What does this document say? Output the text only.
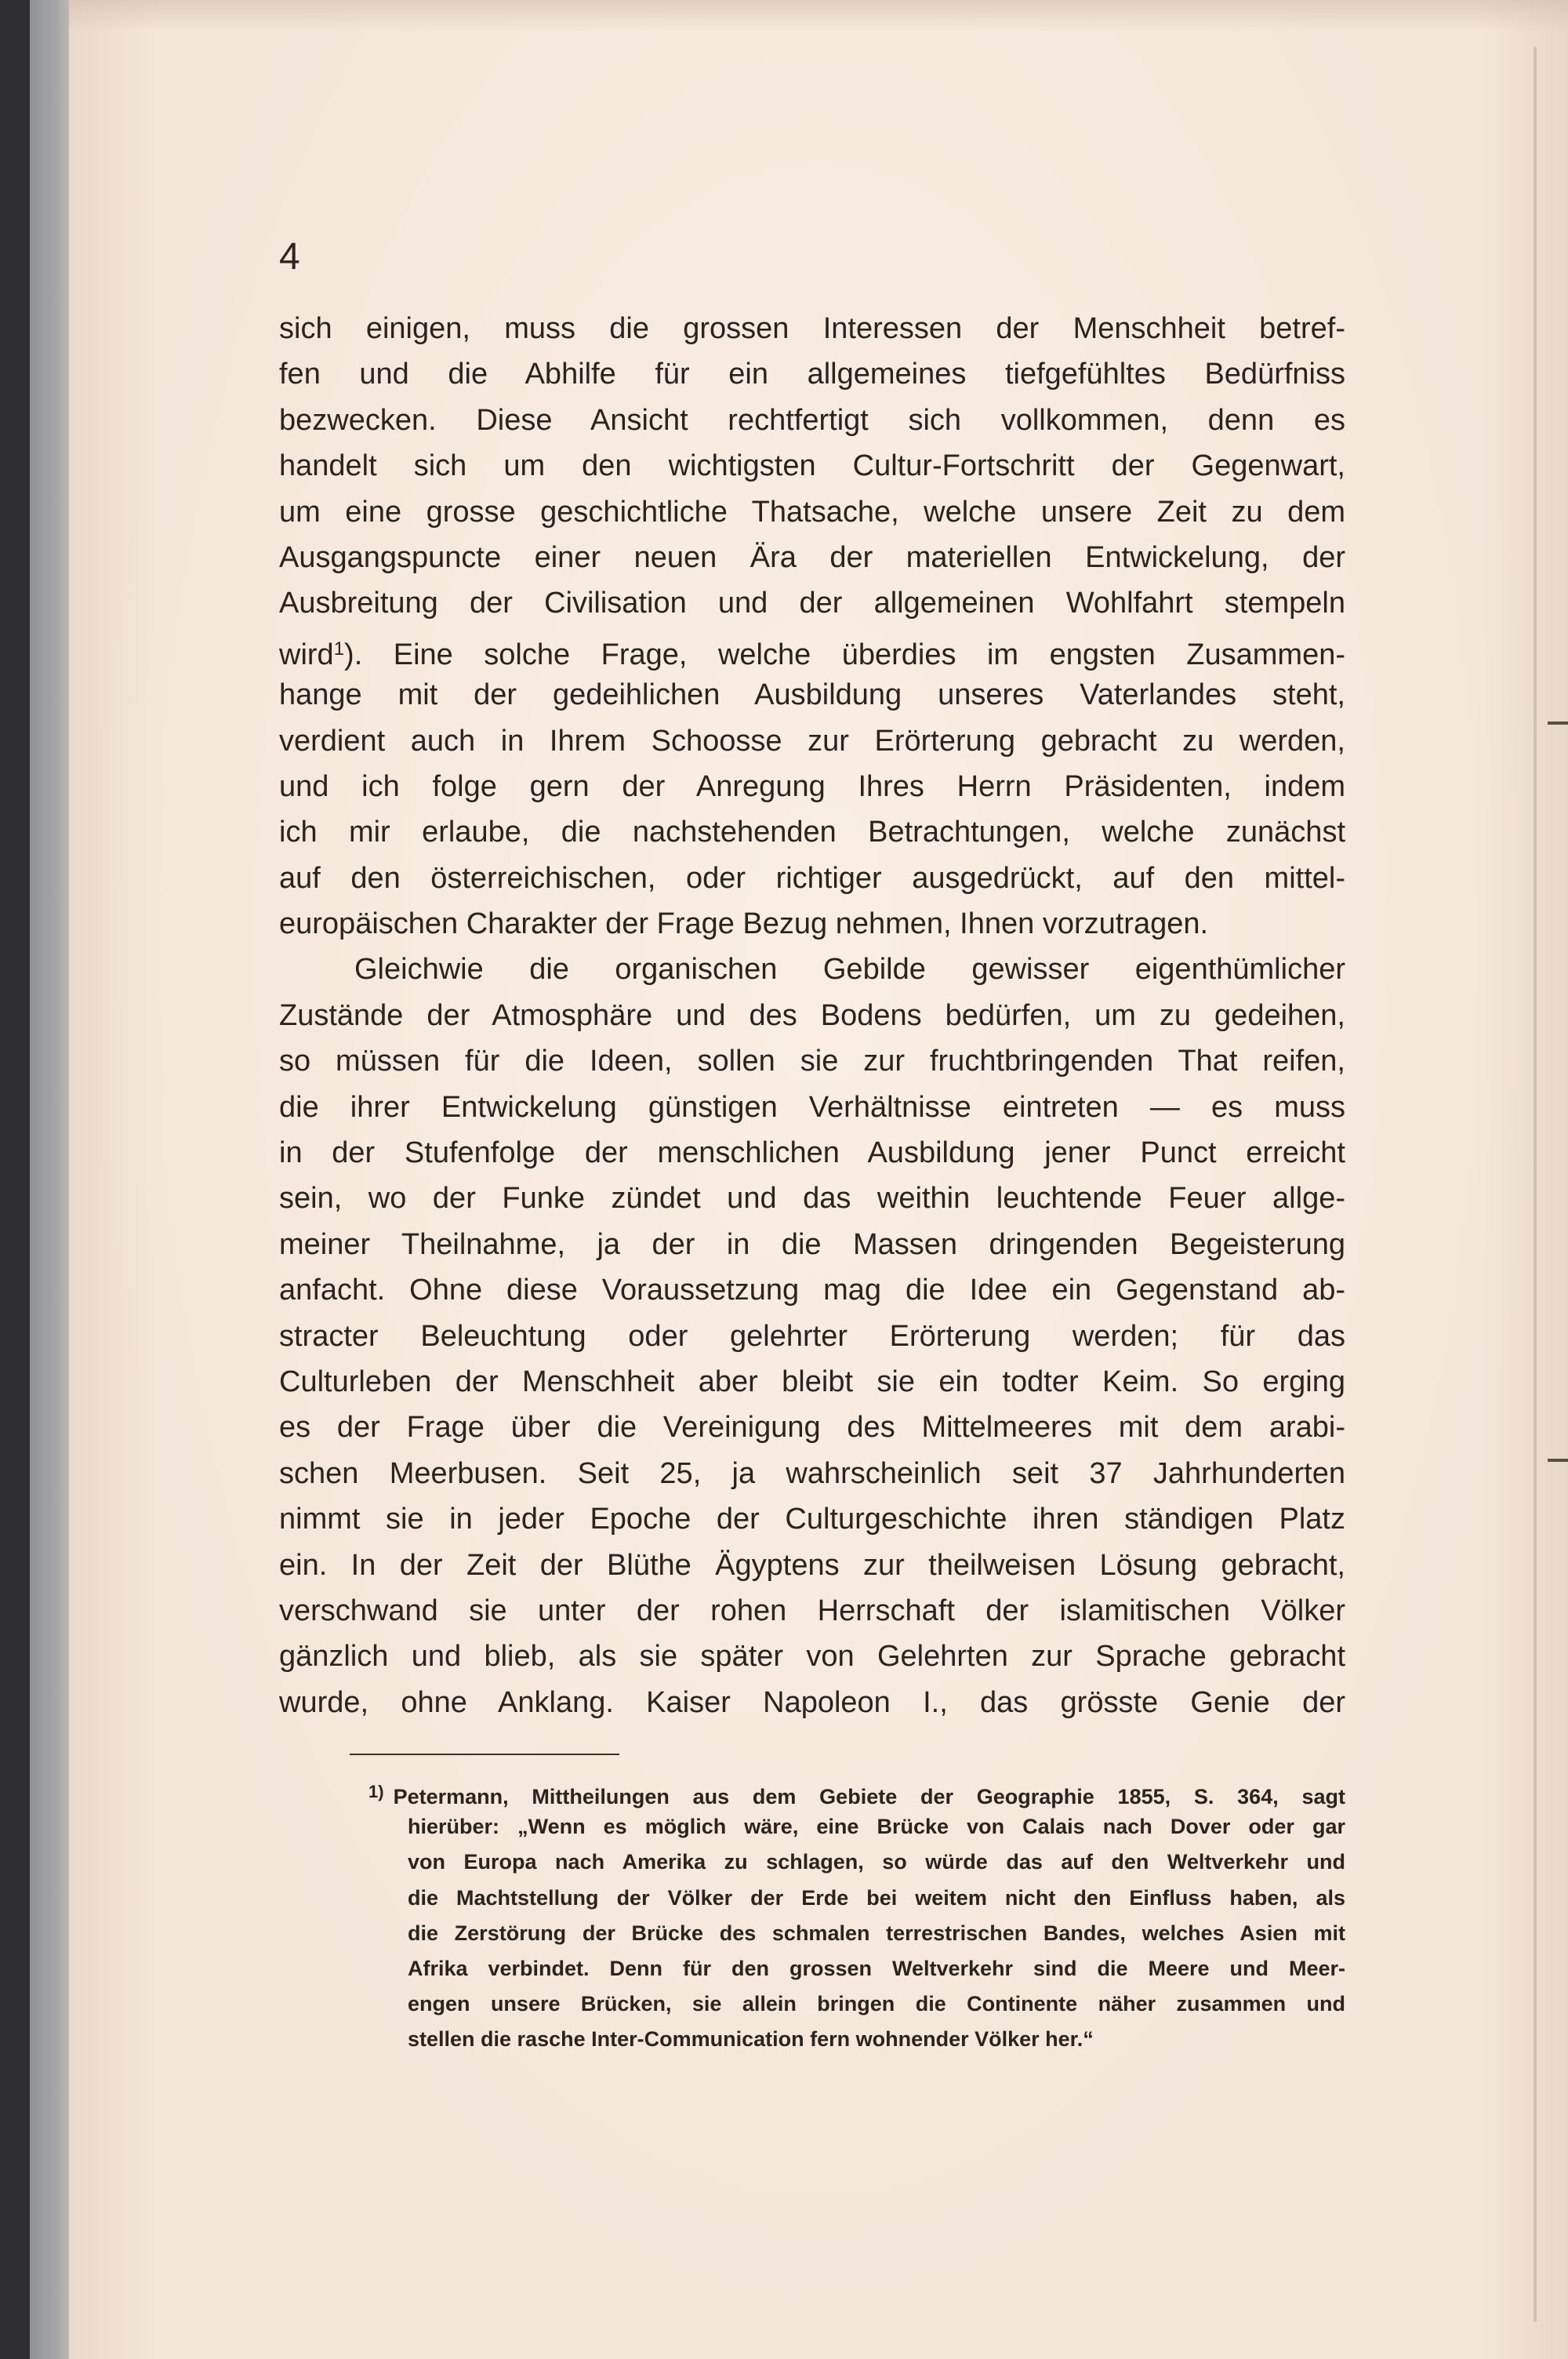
4
sich einigen, muss die grossen Interessen der Menschheit betref-
fen und die Abhilfe für ein allgemeines tiefgefühltes Bedürfniss
bezwecken. Diese Ansicht rechtfertigt sich vollkommen, denn es
handelt sich um den wichtigsten Cultur-Fortschritt der Gegenwart,
um eine grosse geschichtliche Thatsache, welche unsere Zeit zu dem
Ausgangspuncte einer neuen Ära der materiellen Entwickelung, der
Ausbreitung der Civilisation und der allgemeinen Wohlfahrt stempeln
wird$^1$). Eine solche Frage, welche überdies im engsten Zusammen-
hange mit der gedeihlichen Ausbildung unseres Vaterlandes steht,
verdient auch in Ihrem Schoosse zur Erörterung gebracht zu werden,
und ich folge gern der Anregung Ihres Herrn Präsidenten, indem
ich mir erlaube, die nachstehenden Betrachtungen, welche zunächst
auf den österreichischen, oder richtiger ausgedrückt, auf den mittel-
europäischen Charakter der Frage Bezug nehmen, Ihnen vorzutragen.
Gleichwie die organischen Gebilde gewisser eigenthümlicher
Zustände der Atmosphäre und des Bodens bedürfen, um zu gedeihen,
so müssen für die Ideen, sollen sie zur fruchtbringenden That reifen,
die ihrer Entwickelung günstigen Verhältnisse eintreten — es muss
in der Stufenfolge der menschlichen Ausbildung jener Punct erreicht
sein, wo der Funke zündet und das weithin leuchtende Feuer allge-
meiner Theilnahme, ja der in die Massen dringenden Begeisterung
anfacht. Ohne diese Voraussetzung mag die Idee ein Gegenstand ab-
stracter Beleuchtung oder gelehrter Erörterung werden; für das
Culturleben der Menschheit aber bleibt sie ein todter Keim. So erging
es der Frage über die Vereinigung des Mittelmeeres mit dem arabi-
schen Meerbusen. Seit 25, ja wahrscheinlich seit 37 Jahrhunderten
nimmt sie in jeder Epoche der Culturgeschichte ihren ständigen Platz
ein. In der Zeit der Blüthe Ägyptens zur theilweisen Lösung gebracht,
verschwand sie unter der rohen Herrschaft der islamitischen Völker
gänzlich und blieb, als sie später von Gelehrten zur Sprache gebracht
wurde, ohne Anklang. Kaiser Napoleon I., das grösste Genie der
$^{1)}$ Petermann, Mittheilungen aus dem Gebiete der Geographie 1855, S. 364, sagt
hierüber: „Wenn es möglich wäre, eine Brücke von Calais nach Dover oder gar
von Europa nach Amerika zu schlagen, so würde das auf den Weltverkehr und
die Machtstellung der Völker der Erde bei weitem nicht den Einfluss haben, als
die Zerstörung der Brücke des schmalen terrestrischen Bandes, welches Asien mit
Afrika verbindet. Denn für den grossen Weltverkehr sind die Meere und Meer-
engen unsere Brücken, sie allein bringen die Continente näher zusammen und
stellen die rasche Inter-Communication fern wohnender Völker her.“
